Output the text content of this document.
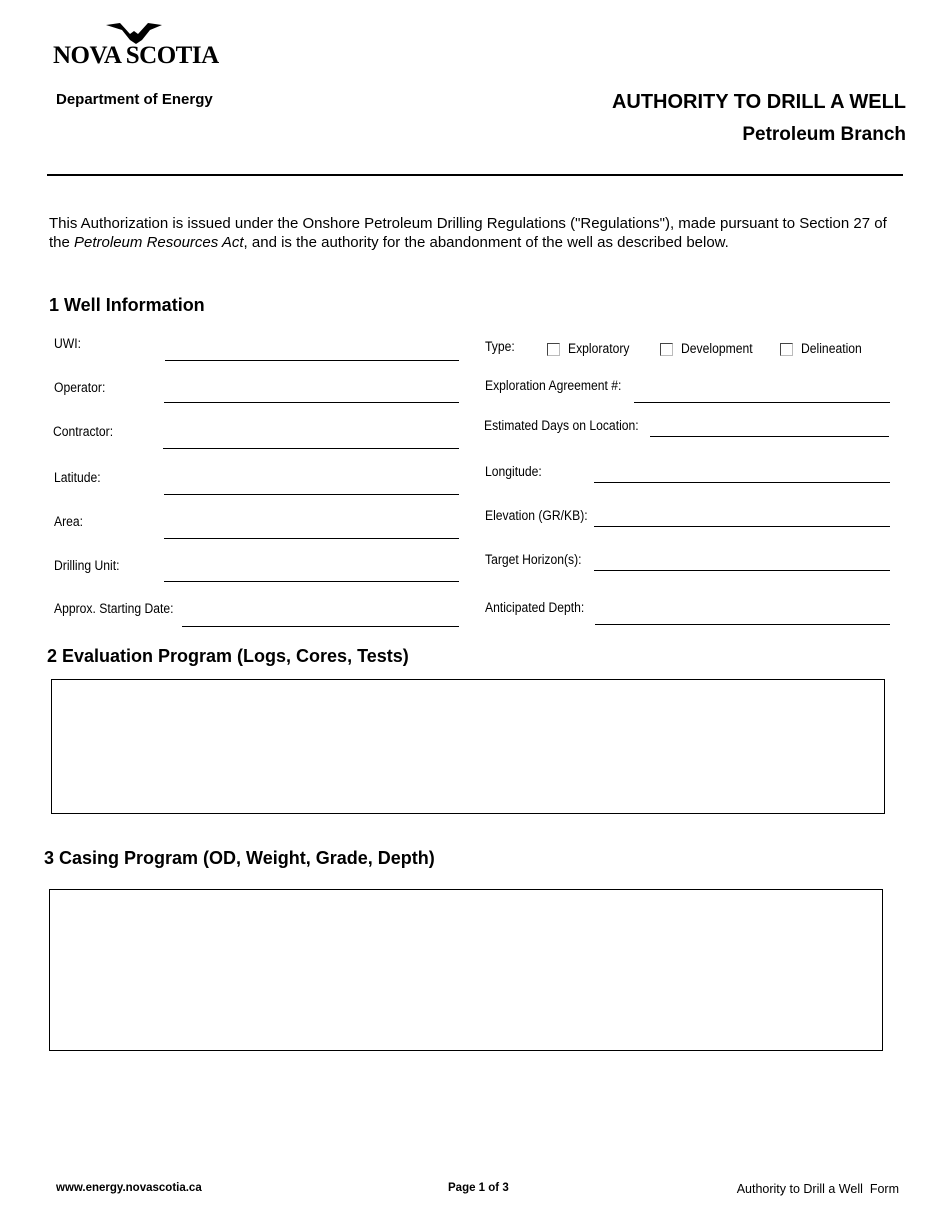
NOVA SCOTIA
Department of Energy	AUTHORITY TO DRILL A WELL
Petroleum Branch
This Authorization is issued under the Onshore Petroleum Drilling Regulations ("Regulations"), made pursuant to Section 27 of the Petroleum Resources Act, and is the authority for the abandonment of the well as described below.
1 Well Information
UWI:
Operator:
Contractor:
Latitude:
Area:
Drilling Unit:
Approx. Starting Date:
Type:	Exploratory	Development	Delineation
Exploration Agreement #:
Estimated Days on Location:
Longitude:
Elevation (GR/KB):
Target Horizon(s):
Anticipated Depth:
2 Evaluation Program (Logs, Cores, Tests)
3 Casing Program (OD, Weight, Grade, Depth)
www.energy.novascotia.ca	Page 1 of 3	Authority to Drill a Well  Form
